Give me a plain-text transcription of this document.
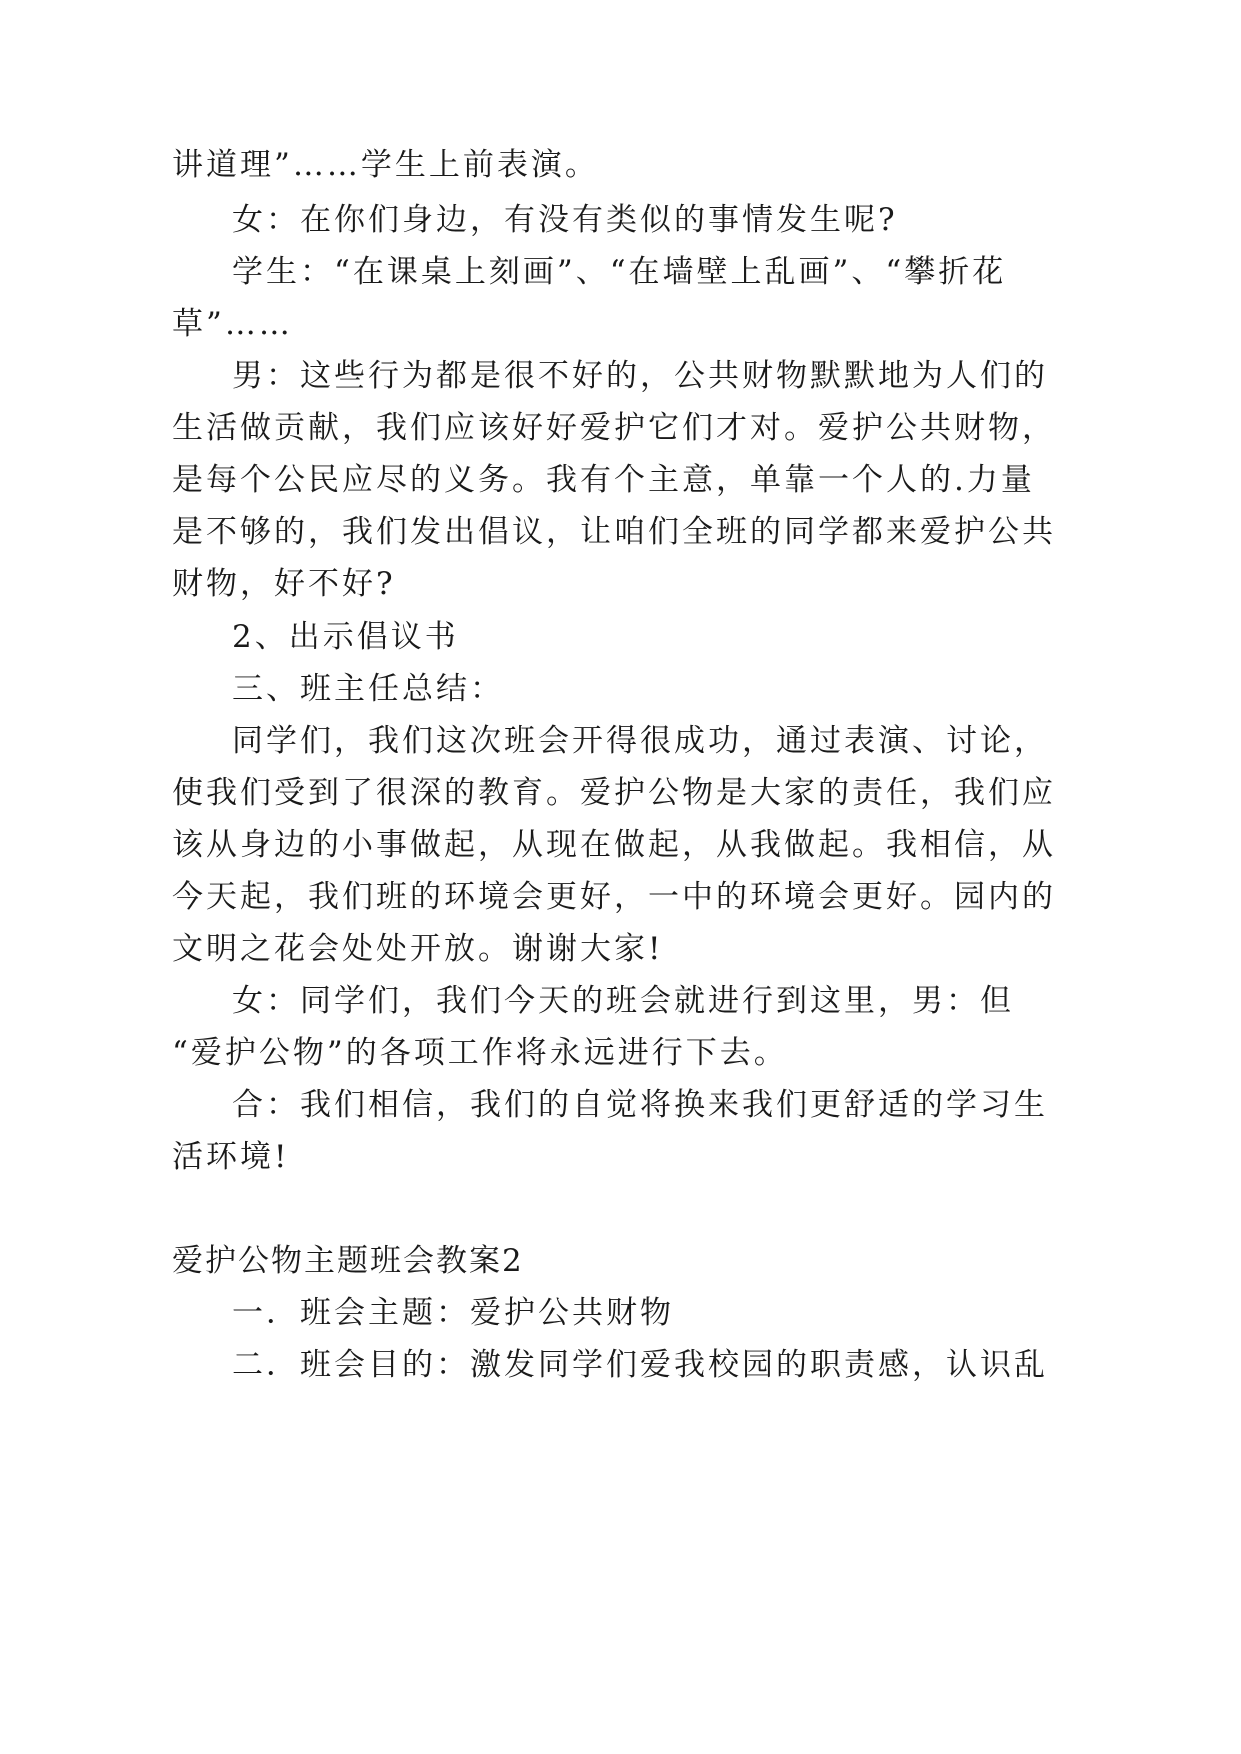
讲道理”……学生上前表演。
女：在你们身边，有没有类似的事情发生呢?
学生：“在课桌上刻画”、“在墙壁上乱画”、“攀折花
草”……
男：这些行为都是很不好的，公共财物默默地为人们的
生活做贡献，我们应该好好爱护它们才对。爱护公共财物，
是每个公民应尽的义务。我有个主意，单靠一个人的.力量
是不够的，我们发出倡议，让咱们全班的同学都来爱护公共
财物，好不好?
2、出示倡议书
三、班主任总结：
同学们，我们这次班会开得很成功，通过表演、讨论，
使我们受到了很深的教育。爱护公物是大家的责任，我们应
该从身边的小事做起，从现在做起，从我做起。我相信，从
今天起，我们班的环境会更好，一中的环境会更好。园内的
文明之花会处处开放。谢谢大家!
女：同学们，我们今天的班会就进行到这里，男：但
“爱护公物”的各项工作将永远进行下去。
合：我们相信，我们的自觉将换来我们更舒适的学习生
活环境!
爱护公物主题班会教案2
一．班会主题：爱护公共财物
二．班会目的：激发同学们爱我校园的职责感，认识乱
